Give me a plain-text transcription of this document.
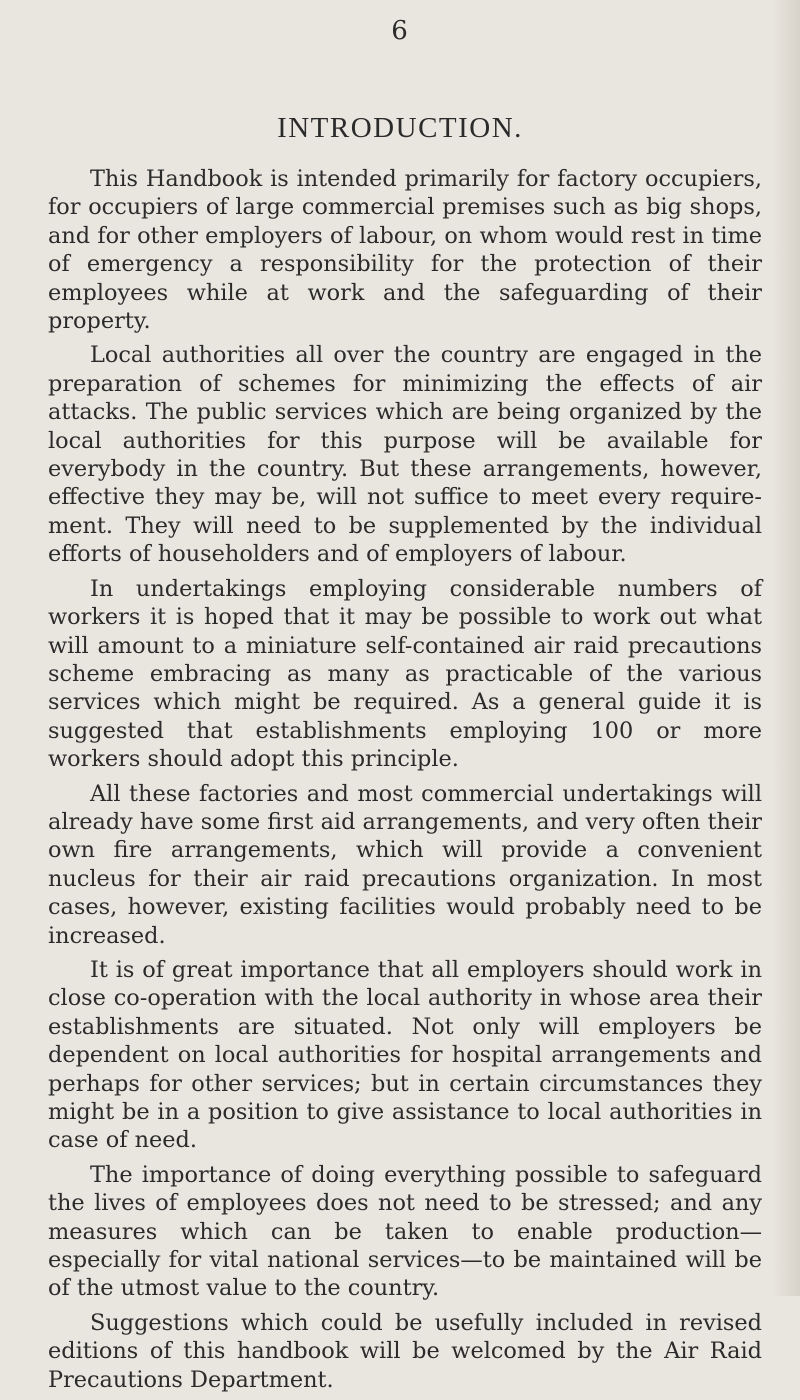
6
INTRODUCTION.

This Handbook is intended primarily for factory occupiers, for occupiers of large commercial premises such as big shops, and for other employers of labour, on whom would rest in time of emergency a responsibility for the protection of their employees while at work and the safeguarding of their property.

Local authorities all over the country are engaged in the preparation of schemes for minimizing the effects of air attacks. The public services which are being organized by the local authorities for this purpose will be available for everybody in the country. But these arrangements, however, effective they may be, will not suffice to meet every requirement. They will need to be supplemented by the individual efforts of householders and of employers of labour.

In undertakings employing considerable numbers of workers it is hoped that it may be possible to work out what will amount to a miniature self-contained air raid precautions scheme embracing as many as practicable of the various services which might be required. As a general guide it is suggested that establishments employing 100 or more workers should adopt this principle.

All these factories and most commercial undertakings will already have some first aid arrangements, and very often their own fire arrangements, which will provide a convenient nucleus for their air raid precautions organization. In most cases, however, existing facilities would probably need to be increased.

It is of great importance that all employers should work in close co-operation with the local authority in whose area their establishments are situated. Not only will employers be dependent on local authorities for hospital arrangements and perhaps for other services; but in certain circumstances they might be in a position to give assistance to local authorities in case of need.

The importance of doing everything possible to safeguard the lives of employees does not need to be stressed; and any measures which can be taken to enable production— especially for vital national services—to be maintained will be of the utmost value to the country.

Suggestions which could be usefully included in revised editions of this handbook will be welcomed by the Air Raid Precautions Department.
